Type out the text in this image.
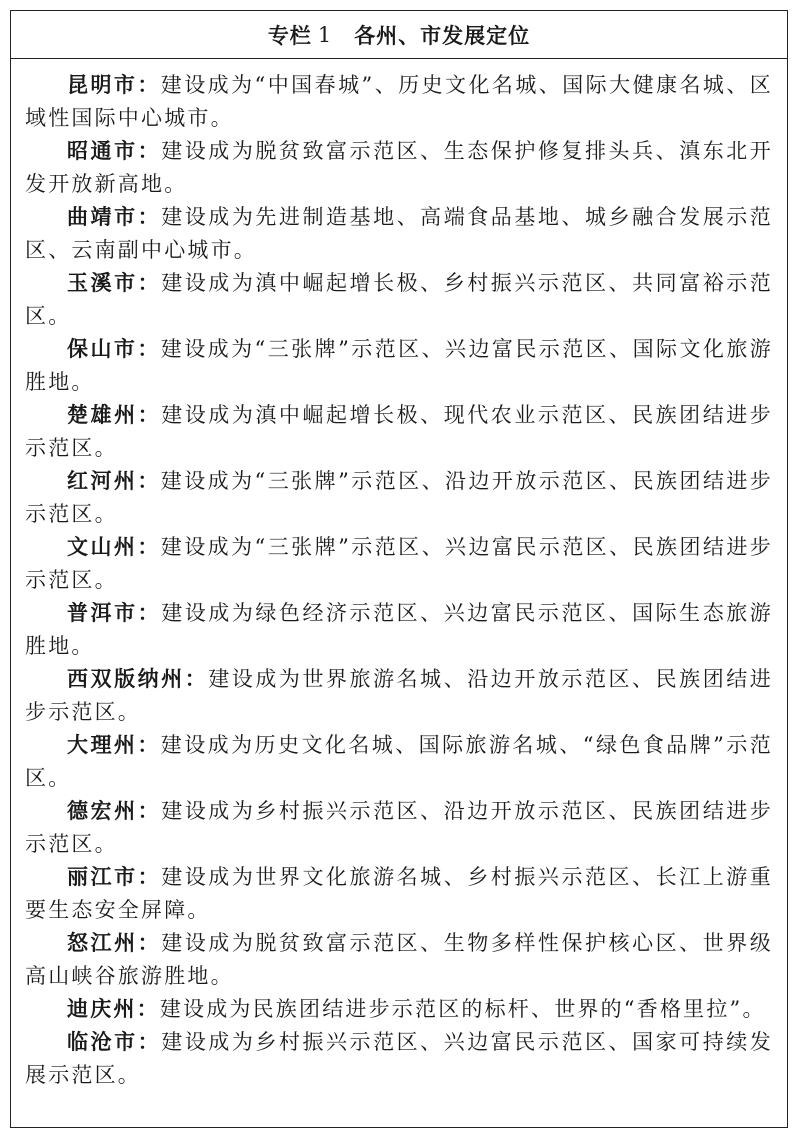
专栏 1 各州、市发展定位

昆明市：建设成为“中国春城”、历史文化名城、国际大健康名城、区域性国际中心城市。

昭通市：建设成为脱贫致富示范区、生态保护修复排头兵、滇东北开发开放新高地。

曲靖市：建设成为先进制造基地、高端食品基地、城乡融合发展示范区、云南副中心城市。

玉溪市：建设成为滇中崛起增长极、乡村振兴示范区、共同富裕示范区。

保山市：建设成为“三张牌”示范区、兴边富民示范区、国际文化旅游胜地。

楚雄州：建设成为滇中崛起增长极、现代农业示范区、民族团结进步示范区。

红河州：建设成为“三张牌”示范区、沿边开放示范区、民族团结进步示范区。

文山州：建设成为“三张牌”示范区、兴边富民示范区、民族团结进步示范区。

普洱市：建设成为绿色经济示范区、兴边富民示范区、国际生态旅游胜地。

西双版纳州：建设成为世界旅游名城、沿边开放示范区、民族团结进步示范区。

大理州：建设成为历史文化名城、国际旅游名城、“绿色食品牌”示范区。

德宏州：建设成为乡村振兴示范区、沿边开放示范区、民族团结进步示范区。

丽江市：建设成为世界文化旅游名城、乡村振兴示范区、长江上游重要生态安全屏障。

怒江州：建设成为脱贫致富示范区、生物多样性保护核心区、世界级高山峡谷旅游胜地。

迪庆州：建设成为民族团结进步示范区的标杆、世界的“香格里拉”。

临沧市：建设成为乡村振兴示范区、兴边富民示范区、国家可持续发展示范区。
